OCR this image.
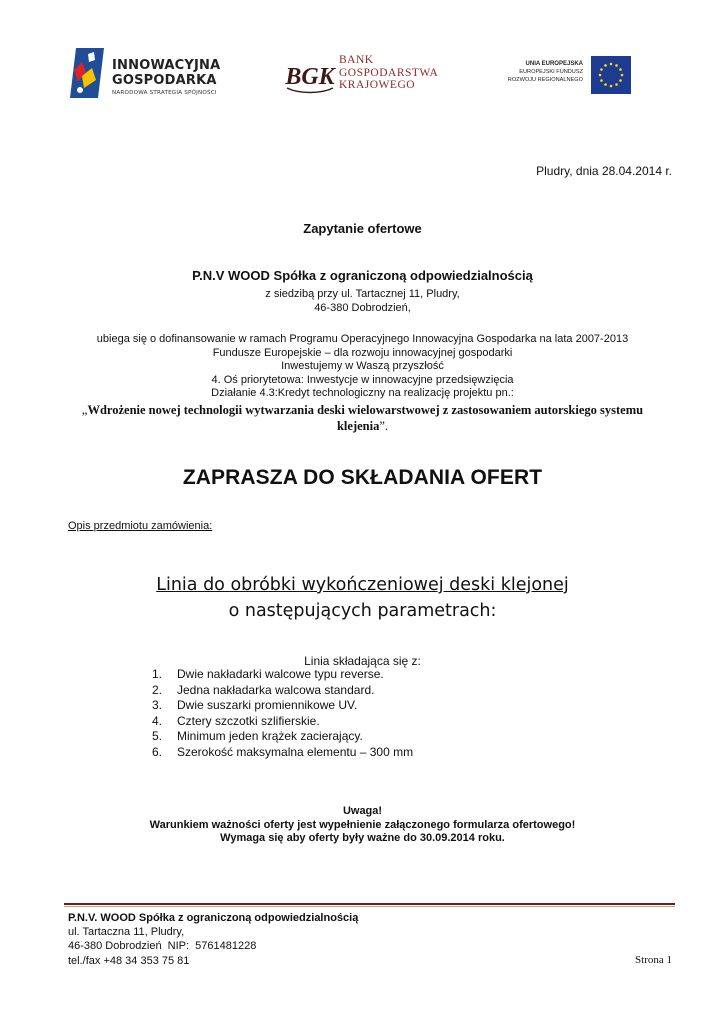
INNOWACYJNA
GOSPODARKA
NARODOWA STRATEGIA SPÓJNOŚCI
BGK
BANK
GOSPODARSTWA
KRAJOWEGO
UNIA EUROPEJSKA
EUROPEJSKI FUNDUSZ
ROZWOJU REGIONALNEGO
Pludry, dnia 28.04.2014 r.
Zapytanie ofertowe
P.N.V WOOD Spółka z ograniczoną odpowiedzialnością
z siedzibą przy ul. Tartacznej 11, Pludry,
46-380 Dobrodzień,
ubiega się o dofinansowanie w ramach Programu Operacyjnego Innowacyjna Gospodarka na lata 2007-2013
Fundusze Europejskie – dla rozwoju innowacyjnej gospodarki
Inwestujemy w Waszą przyszłość
4. Oś priorytetowa: Inwestycje w innowacyjne przedsięwzięcia
Działanie 4.3:Kredyt technologiczny na realizację projektu pn.:
„Wdrożenie nowej technologii wytwarzania deski wielowarstwowej z zastosowaniem autorskiego systemu
klejenia”.
ZAPRASZA DO SKŁADANIA OFERT
Opis przedmiotu zamówienia:
Linia do obróbki wykończeniowej deski klejonej
o następujących parametrach:
Linia składająca się z:
1. Dwie nakładarki walcowe typu reverse.
2. Jedna nakładarka walcowa standard.
3. Dwie suszarki promiennikowe UV.
4. Cztery szczotki szlifierskie.
5. Minimum jeden krążek zacierający.
6. Szerokość maksymalna elementu – 300 mm
Uwaga!
Warunkiem ważności oferty jest wypełnienie załączonego formularza ofertowego!
Wymaga się aby oferty były ważne do 30.09.2014 roku.
P.N.V. WOOD Spółka z ograniczoną odpowiedzialnością
ul. Tartaczna 11, Pludry,
46-380 Dobrodzień  NIP:  5761481228
tel./fax +48 34 353 75 81	Strona 1
